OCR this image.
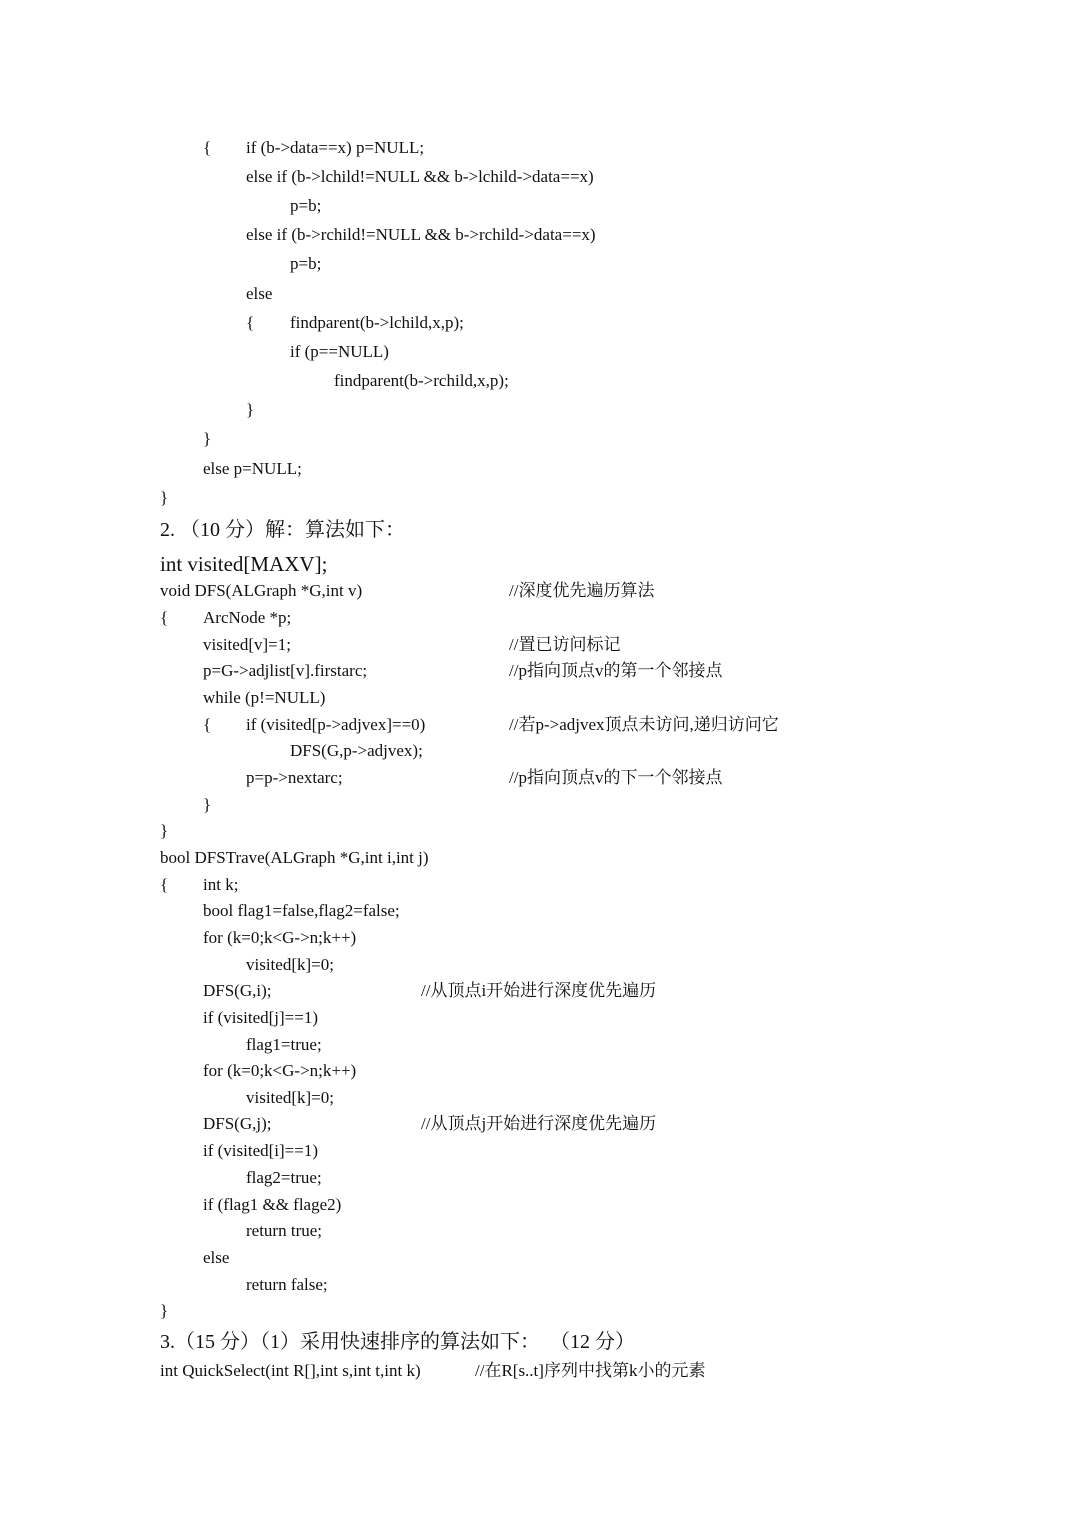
{ if (b->data==x) p=NULL;
else if (b->lchild!=NULL && b->lchild->data==x)
p=b;
else if (b->rchild!=NULL && b->rchild->data==x)
p=b;
else
{ findparent(b->lchild,x,p);
if (p==NULL)
findparent(b->rchild,x,p);
}
}
else p=NULL;
}
2. （10 分）解：算法如下：
int visited[MAXV];
void DFS(ALGraph *G,int v)	//深度优先遍历算法
{ ArcNode *p;
visited[v]=1;	//置已访问标记
p=G->adjlist[v].firstarc;	//p指向顶点v的第一个邻接点
while (p!=NULL)
{ if (visited[p->adjvex]==0)	//若p->adjvex顶点未访问,递归访问它
DFS(G,p->adjvex);
p=p->nextarc;	//p指向顶点v的下一个邻接点
}
}
bool DFSTrave(ALGraph *G,int i,int j)
{ int k;
bool flag1=false,flag2=false;
for (k=0;k<G->n;k++)
visited[k]=0;
DFS(G,i);	//从顶点i开始进行深度优先遍历
if (visited[j]==1)
flag1=true;
for (k=0;k<G->n;k++)
visited[k]=0;
DFS(G,j);	//从顶点j开始进行深度优先遍历
if (visited[i]==1)
flag2=true;
if (flag1 && flage2)
return true;
else
return false;
}
3.（15 分）（1）采用快速排序的算法如下：  （12 分）
int QuickSelect(int R[],int s,int t,int k)	//在R[s..t]序列中找第k小的元素
